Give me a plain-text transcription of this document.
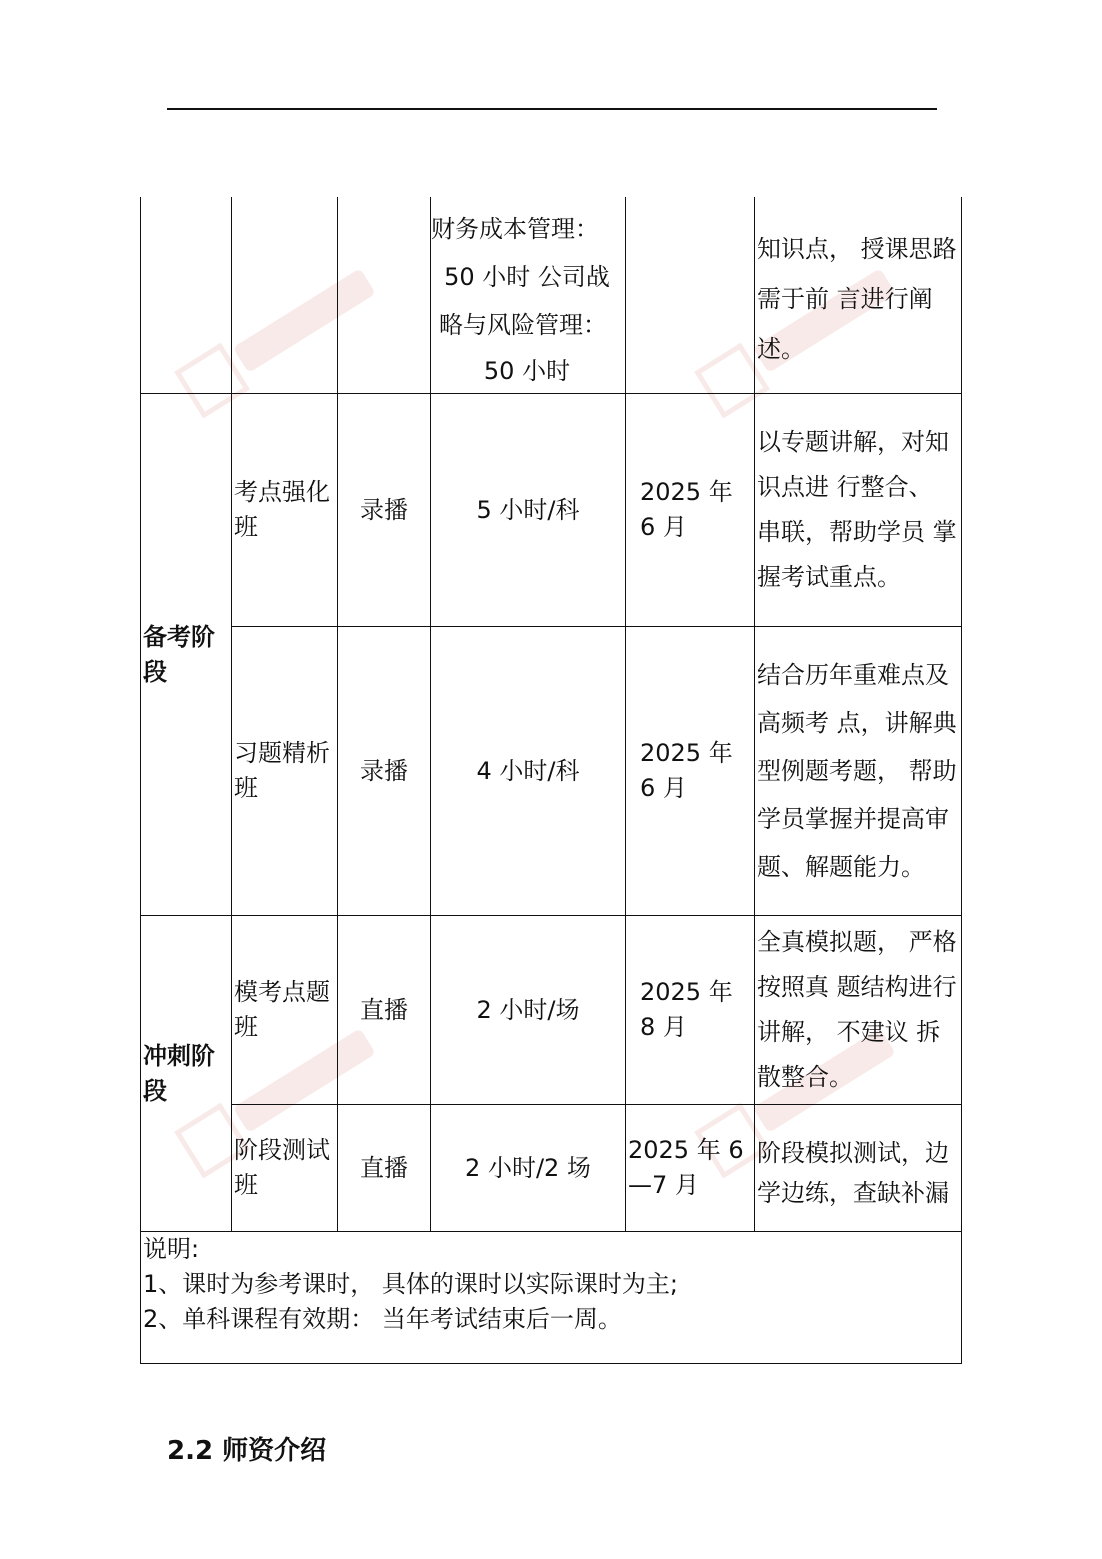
			财务成本管理：
50 小时 公司战
略与风险管理：
50 小时		知识点， 授课思路需于前 言进行阐述。
备考阶段	考点强化班	录播	5 小时/科	2025 年 6 月	以专题讲解，对知识点进 行整合、 串联，帮助学员 掌握考试重点。
	习题精析班	录播	4 小时/科	2025 年 6 月	结合历年重难点及高频考 点，讲解典型例题考题， 帮助学员掌握并提高审题、解题能力。
冲刺阶段	模考点题班	直播	2 小时/场	2025 年 8 月	全真模拟题， 严格按照真 题结构进行讲解， 不建议 拆散整合。
	阶段测试班	直播	2 小时/2 场	2025 年 6 —7 月	阶段模拟测试，边学边练，查缺补漏

说明:
1、课时为参考课时， 具体的课时以实际课时为主;
2、单科课程有效期： 当年考试结束后一周。					
2.2 师资介绍
